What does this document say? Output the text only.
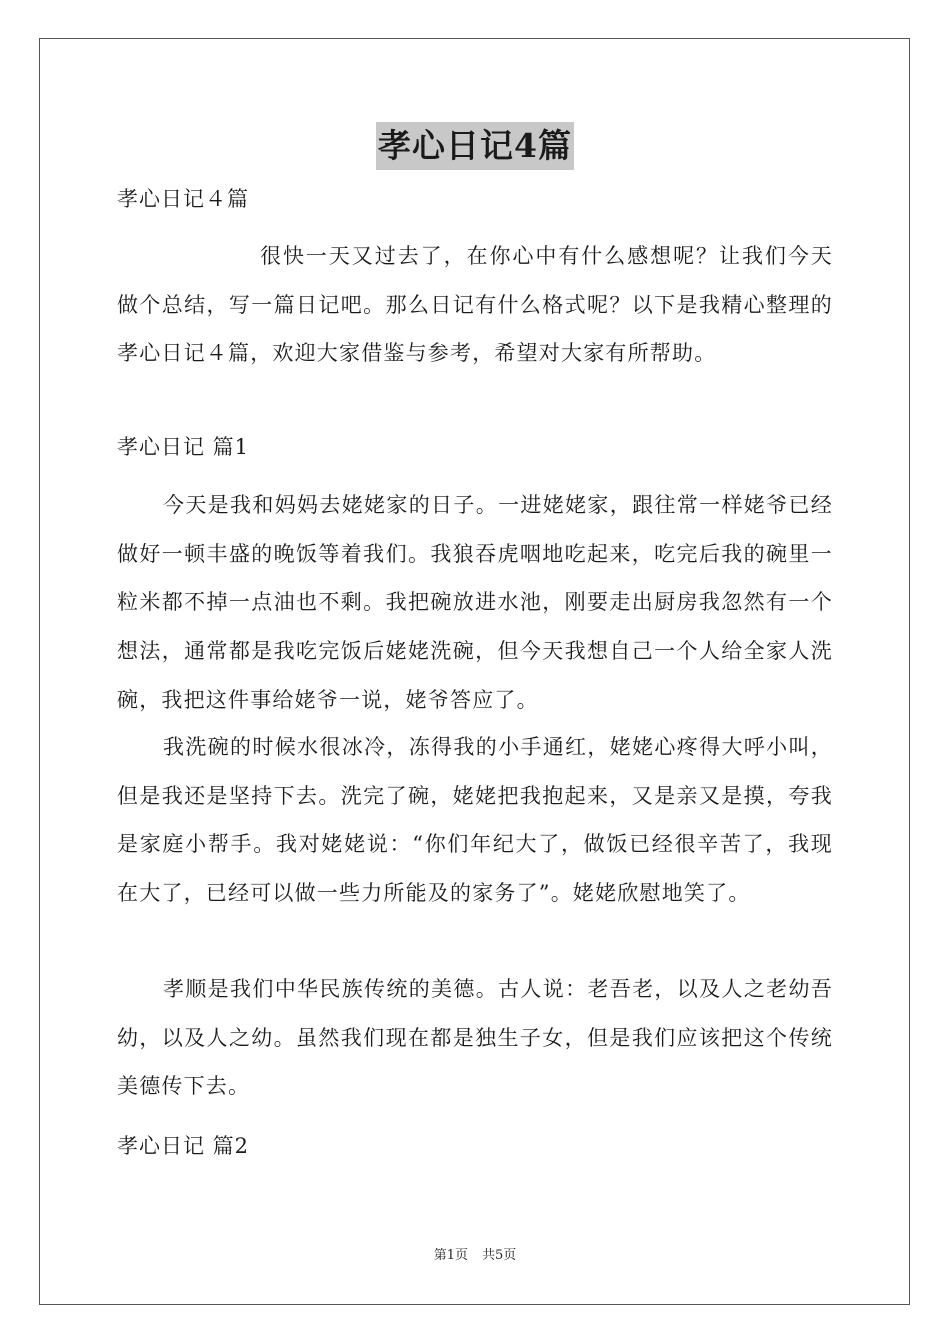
孝心日记4篇

孝心日记４篇

很快一天又过去了，在你心中有什么感想呢？让我们今天做个总结，写一篇日记吧。那么日记有什么格式呢？以下是我精心整理的孝心日记４篇，欢迎大家借鉴与参考，希望对大家有所帮助。

孝心日记 篇1

今天是我和妈妈去姥姥家的日子。一进姥姥家，跟往常一样姥爷已经做好一顿丰盛的晚饭等着我们。我狼吞虎咽地吃起来，吃完后我的碗里一粒米都不掉一点油也不剩。我把碗放进水池，刚要走出厨房我忽然有一个想法，通常都是我吃完饭后姥姥洗碗，但今天我想自己一个人给全家人洗碗，我把这件事给姥爷一说，姥爷答应了。

我洗碗的时候水很冰冷，冻得我的小手通红，姥姥心疼得大呼小叫，但是我还是坚持下去。洗完了碗，姥姥把我抱起来，又是亲又是摸，夸我是家庭小帮手。我对姥姥说：“你们年纪大了，做饭已经很辛苦了，我现在大了，已经可以做一些力所能及的家务了”。姥姥欣慰地笑了。

孝顺是我们中华民族传统的美德。古人说：老吾老，以及人之老幼吾幼，以及人之幼。虽然我们现在都是独生子女，但是我们应该把这个传统美德传下去。

孝心日记 篇2

第1页 共5页
